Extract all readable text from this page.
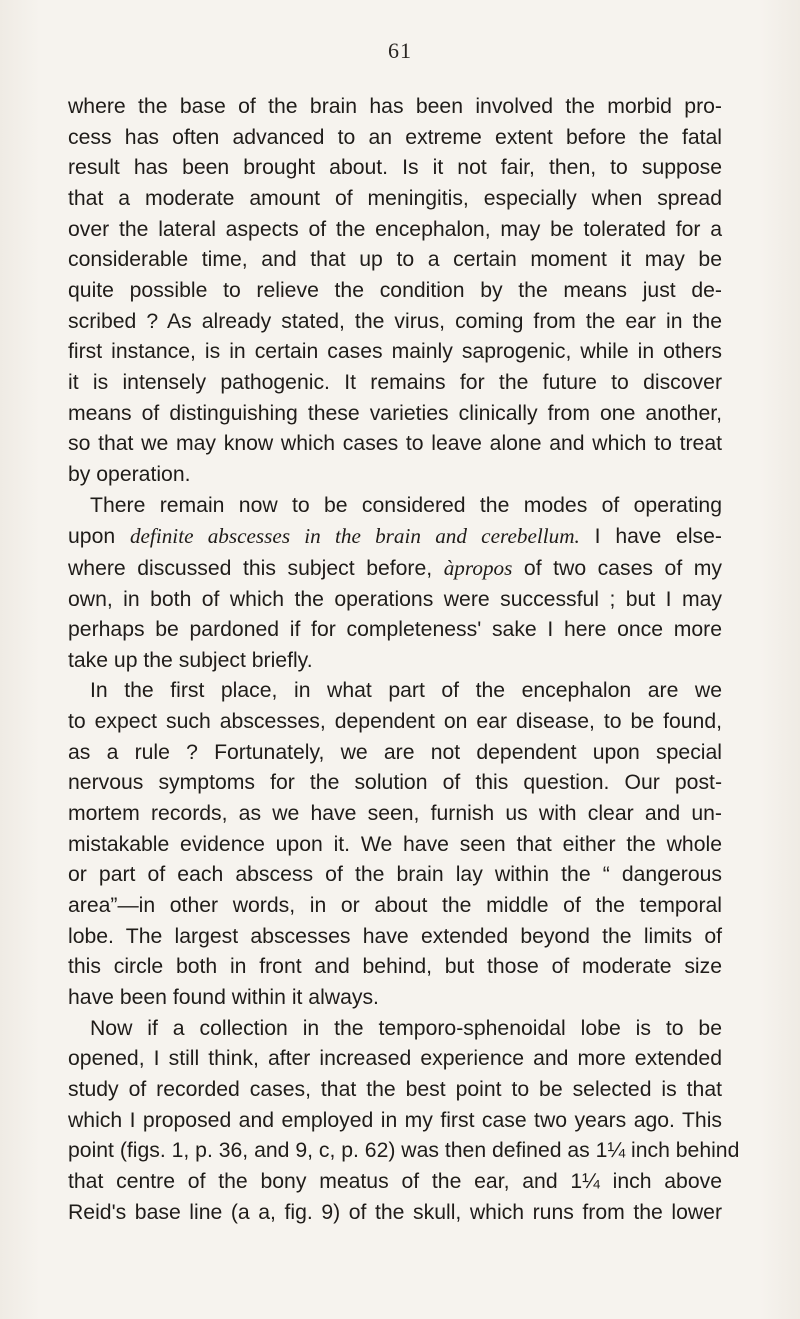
61
where the base of the brain has been involved the morbid pro-
cess has often advanced to an extreme extent before the fatal
result has been brought about. Is it not fair, then, to suppose
that a moderate amount of meningitis, especially when spread
over the lateral aspects of the encephalon, may be tolerated for a
considerable time, and that up to a certain moment it may be
quite possible to relieve the condition by the means just de-
scribed ? As already stated, the virus, coming from the ear in the
first instance, is in certain cases mainly saprogenic, while in others
it is intensely pathogenic. It remains for the future to discover
means of distinguishing these varieties clinically from one another,
so that we may know which cases to leave alone and which to treat
by operation.
There remain now to be considered the modes of operating
upon definite abscesses in the brain and cerebellum. I have else-
where discussed this subject before, àpropos of two cases of my
own, in both of which the operations were successful ; but I may
perhaps be pardoned if for completeness' sake I here once more
take up the subject briefly.
In the first place, in what part of the encephalon are we
to expect such abscesses, dependent on ear disease, to be found,
as a rule ? Fortunately, we are not dependent upon special
nervous symptoms for the solution of this question. Our post-
mortem records, as we have seen, furnish us with clear and un-
mistakable evidence upon it. We have seen that either the whole
or part of each abscess of the brain lay within the “ dangerous
area”—in other words, in or about the middle of the temporal
lobe. The largest abscesses have extended beyond the limits of
this circle both in front and behind, but those of moderate size
have been found within it always.
Now if a collection in the temporo-sphenoidal lobe is to be
opened, I still think, after increased experience and more extended
study of recorded cases, that the best point to be selected is that
which I proposed and employed in my first case two years ago. This
point (figs. 1, p. 36, and 9, c, p. 62) was then defined as 1¼ inch behind
that centre of the bony meatus of the ear, and 1¼ inch above
Reid's base line (a a, fig. 9) of the skull, which runs from the lower
